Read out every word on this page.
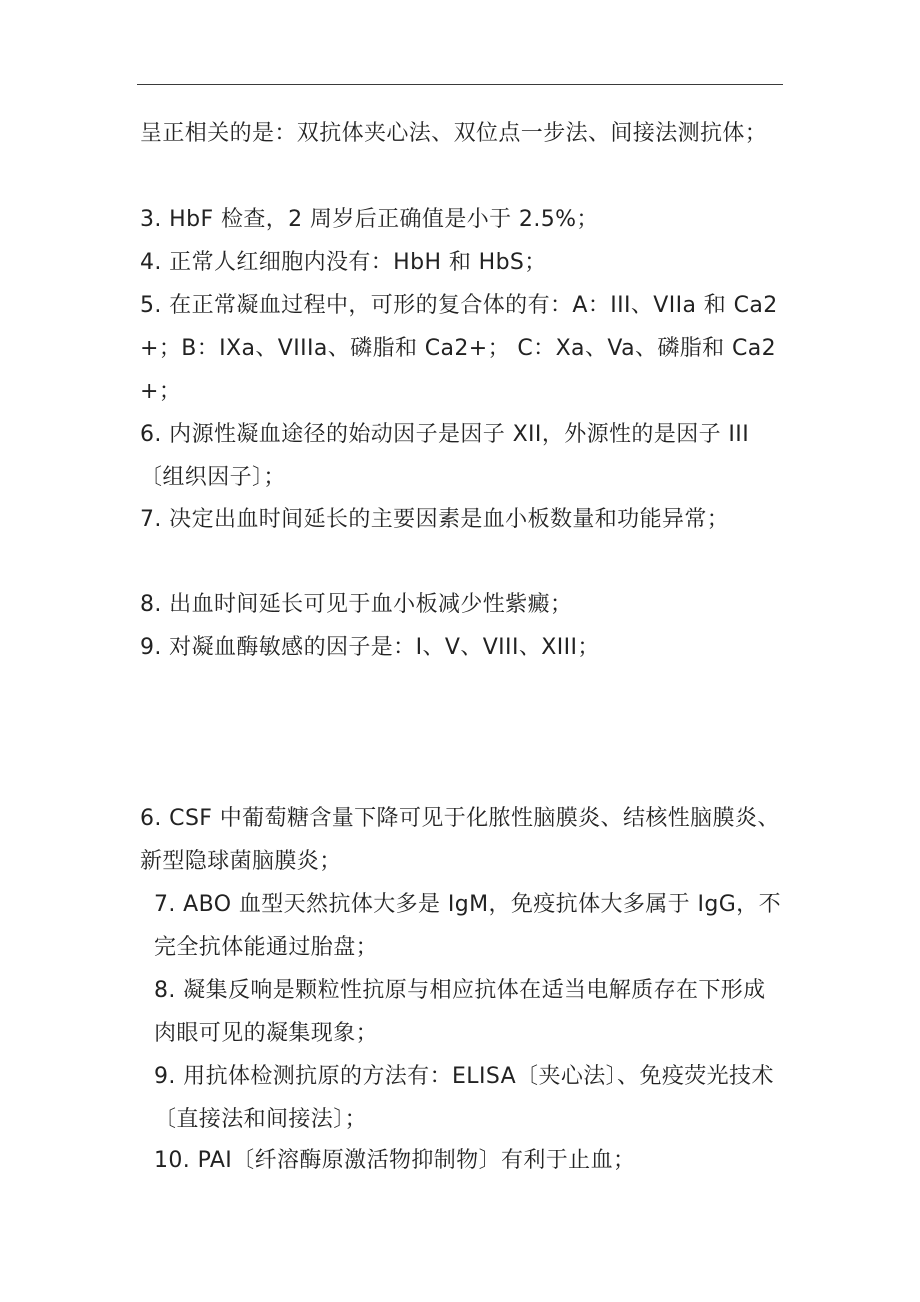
呈正相关的是：双抗体夹心法、双位点一步法、间接法测抗体；
3. HbF 检查，2 周岁后正确值是小于 2.5%；
4. 正常人红细胞内没有：HbH 和 HbS；
5. 在正常凝血过程中，可形的复合体的有：A：III、VIIa 和 Ca2+；B：IXa、VIIIa、磷脂和 Ca2+； C：Xa、Va、磷脂和 Ca2+；
6. 内源性凝血途径的始动因子是因子 XII，外源性的是因子 III〔组织因子〕；
7. 决定出血时间延长的主要因素是血小板数量和功能异常；
8. 出血时间延长可见于血小板减少性紫癜；
9. 对凝血酶敏感的因子是：I、V、VIII、XIII；
6. CSF 中葡萄糖含量下降可见于化脓性脑膜炎、结核性脑膜炎、新型隐球菌脑膜炎；
7. ABO 血型天然抗体大多是 IgM，免疫抗体大多属于 IgG，不完全抗体能通过胎盘；
8. 凝集反响是颗粒性抗原与相应抗体在适当电解质存在下形成肉眼可见的凝集现象；
9. 用抗体检测抗原的方法有：ELISA〔夹心法〕、免疫荧光技术〔直接法和间接法〕；
10. PAI〔纤溶酶原激活物抑制物〕有利于止血；
